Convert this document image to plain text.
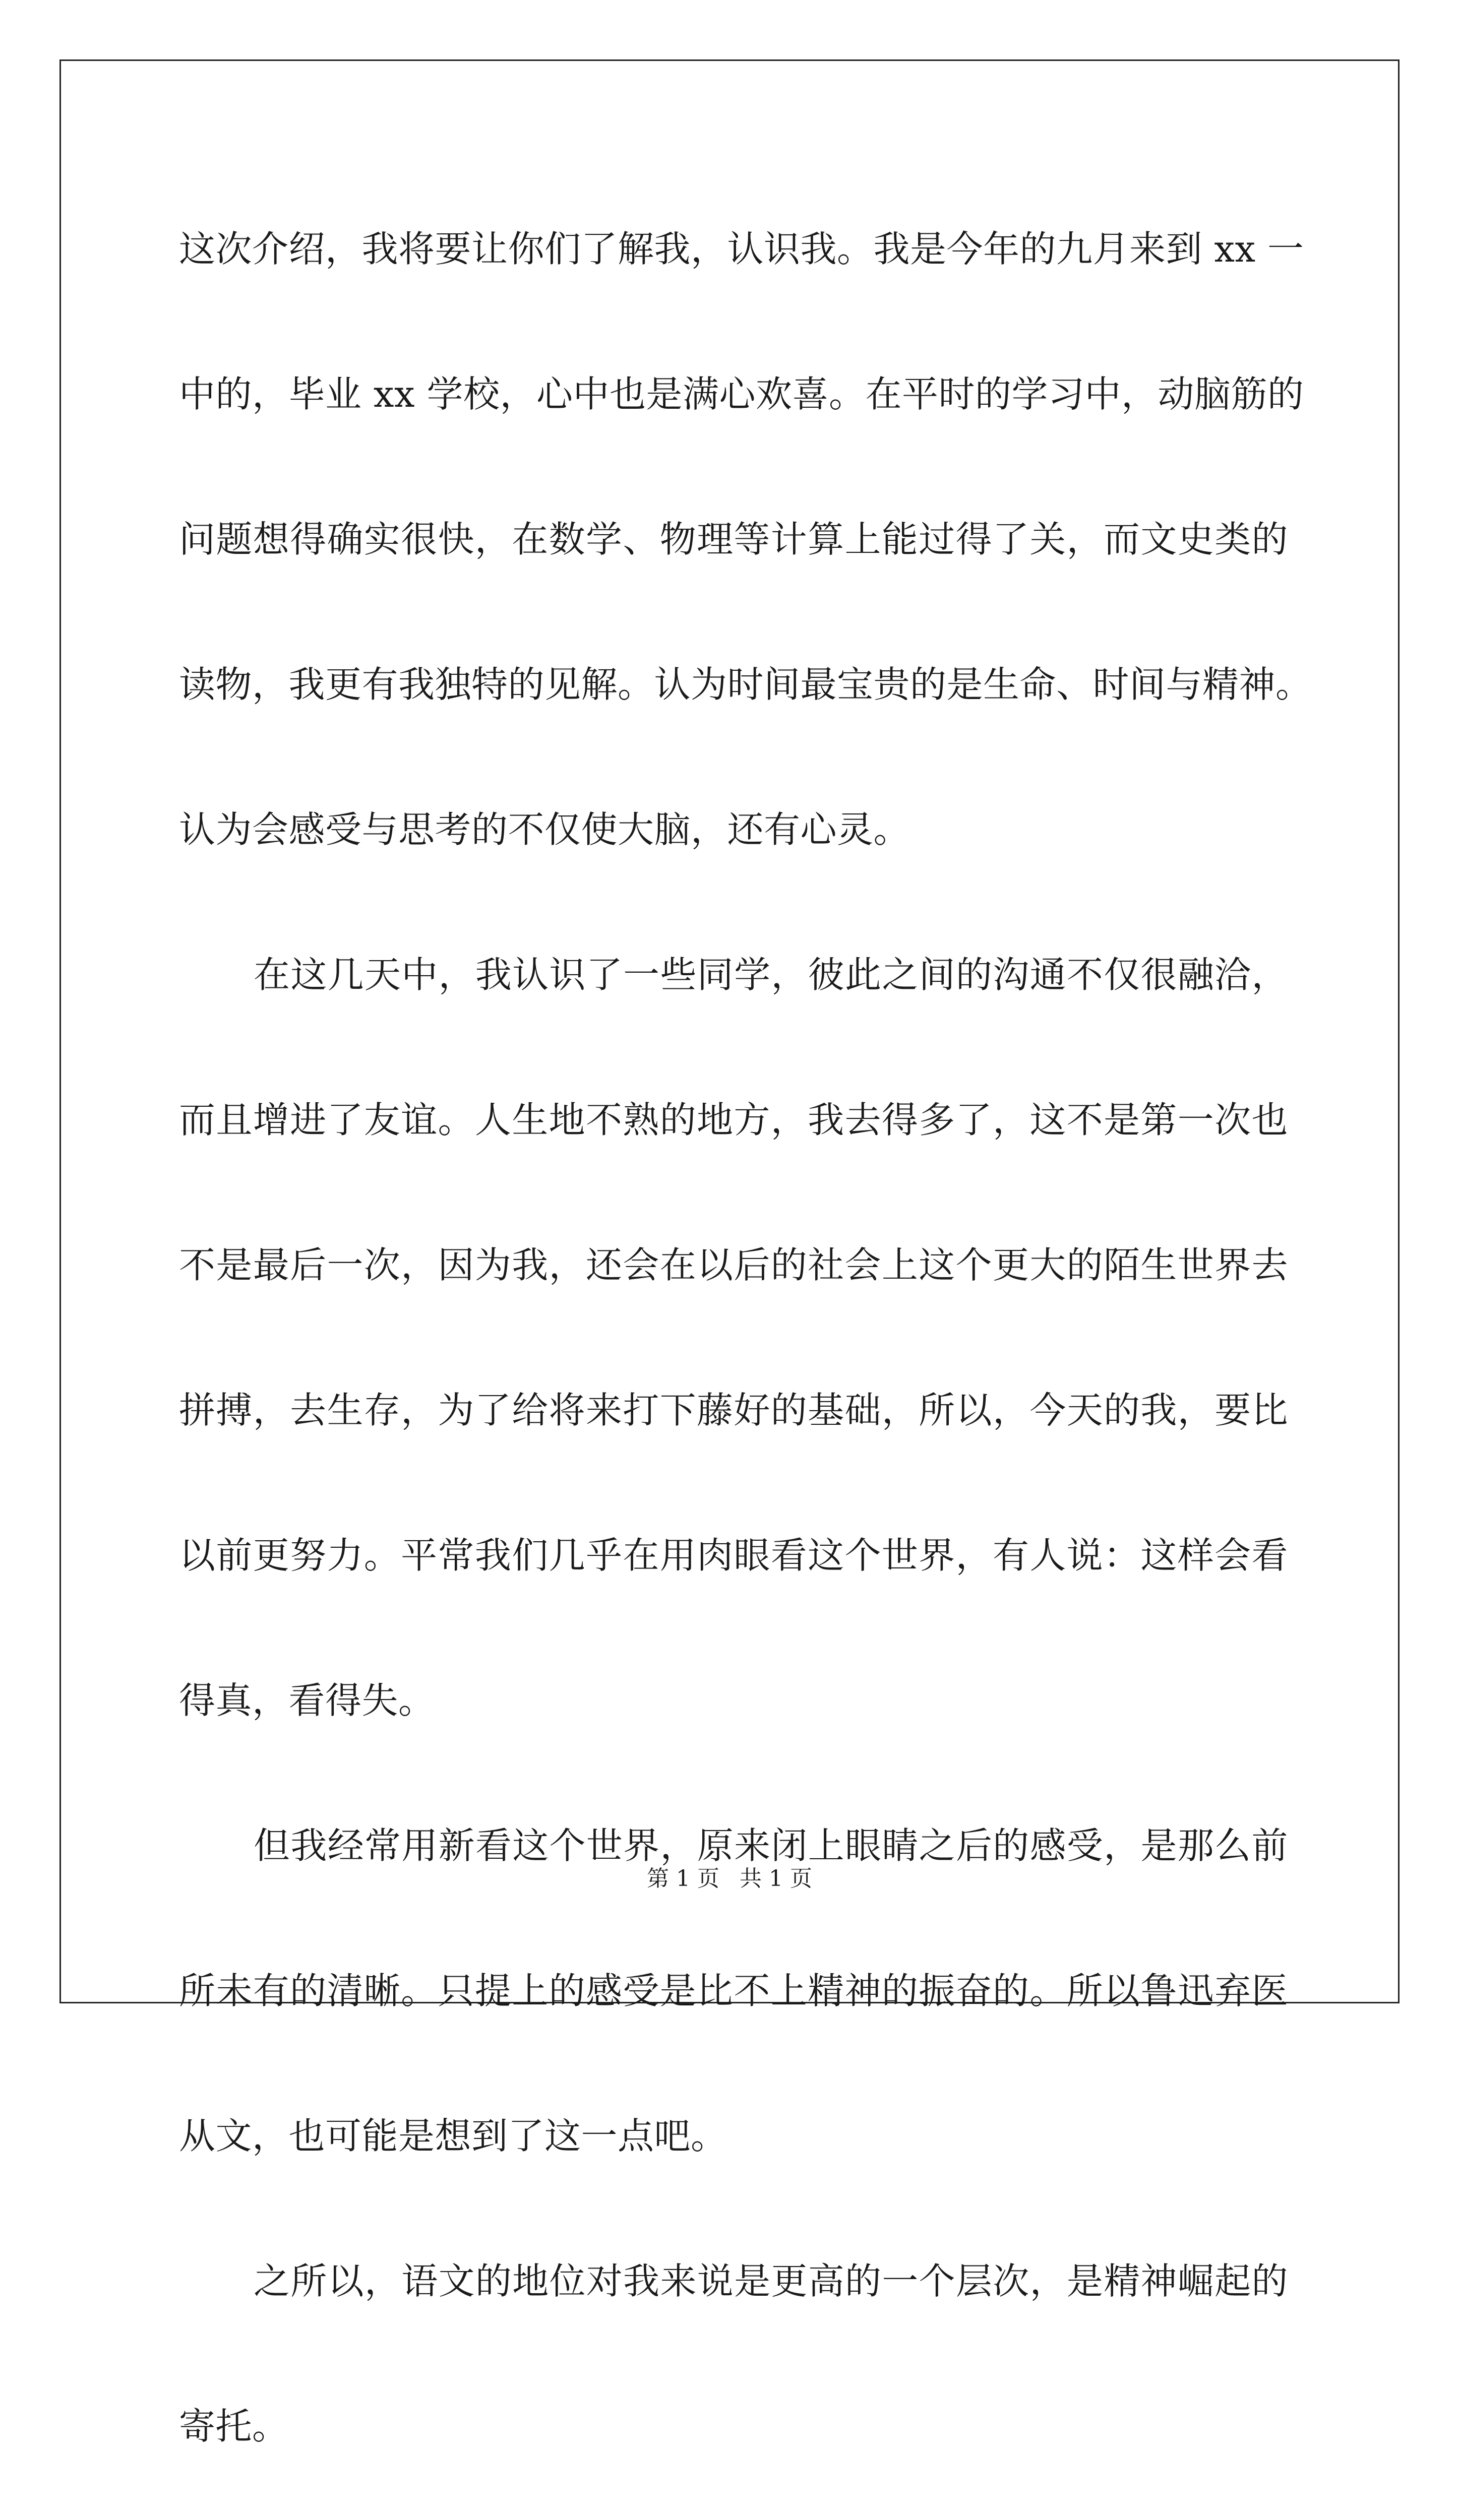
这次介绍，我将要让你们了解我，认识我。我是今年的九月来到 xx 一
中的，毕业 xx 学校，心中也是满心欢喜。在平时的学习中，动脑筋的
问题想得确实很快，在数学、物理等计算上能过得了关，而文史类的
读物，我更有我独特的见解。认为时间最宝贵的是生命、时间与精神。
认为会感受与思考的不仅使大脑，还有心灵。
在这几天中，我认识了一些同学，彼此之间的沟通不仅很融洽，
而且增进了友谊。人生地不熟的地方，我去得多了，这不是第一次也
不是最后一次，因为我，还会在以后的社会上这个更大的陌生世界去
拼搏，去生存，为了给将来打下藤好的基础，所以，今天的我，要比
以前更努力。平常我们几乎在用肉眼看这个世界，有人说：这样会看
得真，看得失。
但我经常用新看这个世界，原来闭上眼睛之后的感受，是那么前
所未有的清晰。只提上的感受是比不上精神的振奋的。所以鲁迅弃医
从文，也可能是想到了这一点吧。
之所以，语文的地位对我来说是更高的一个层次，是精神崛起的
寄托。
第 1 页 共 1 页
